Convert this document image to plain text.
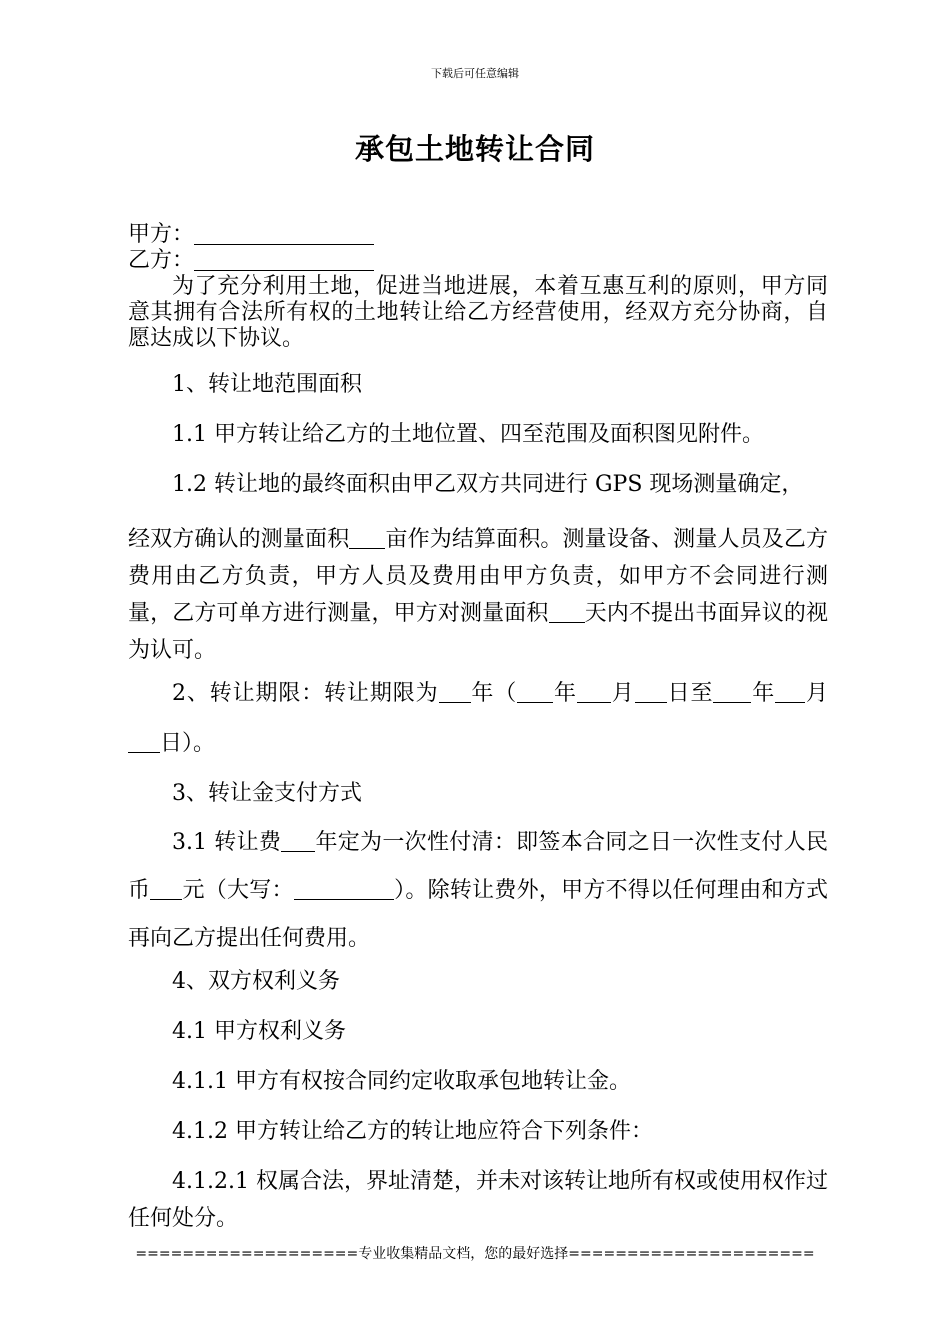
下载后可任意编辑
承包土地转让合同
甲方：
乙方：

为了充分利用土地，促进当地进展，本着互惠互利的原则，甲方同意其拥有合法所有权的土地转让给乙方经营使用，经双方充分协商，自愿达成以下协议。

1、转让地范围面积
1.1 甲方转让给乙方的土地位置、四至范围及面积图见附件。
1.2 转让地的最终面积由甲乙双方共同进行 GPS 现场测量确定，

经双方确认的测量面积 亩作为结算面积。测量设备、测量人员及乙方费用由乙方负责，甲方人员及费用由甲方负责，如甲方不会同进行测量，乙方可单方进行测量，甲方对测量面积 天内不提出书面异议的视为认可。

2、转让期限：转让期限为 年（ 年 月 日至 年 月日）。

3、转让金支付方式

3.1 转让费 年定为一次性付清：即签本合同之日一次性支付人民币 元（大写：	）。除转让费外，甲方不得以任何理由和方式再向乙方提出任何费用。

4、双方权利义务
4.1 甲方权利义务
4.1.1 甲方有权按合同约定收取承包地转让金。
4.1.2 甲方转让给乙方的转让地应符合下列条件：

4.1.2.1 权属合法，界址清楚，并未对该转让地所有权或使用权作过任何处分。

===================专业收集精品文档，您的最好选择=====================
